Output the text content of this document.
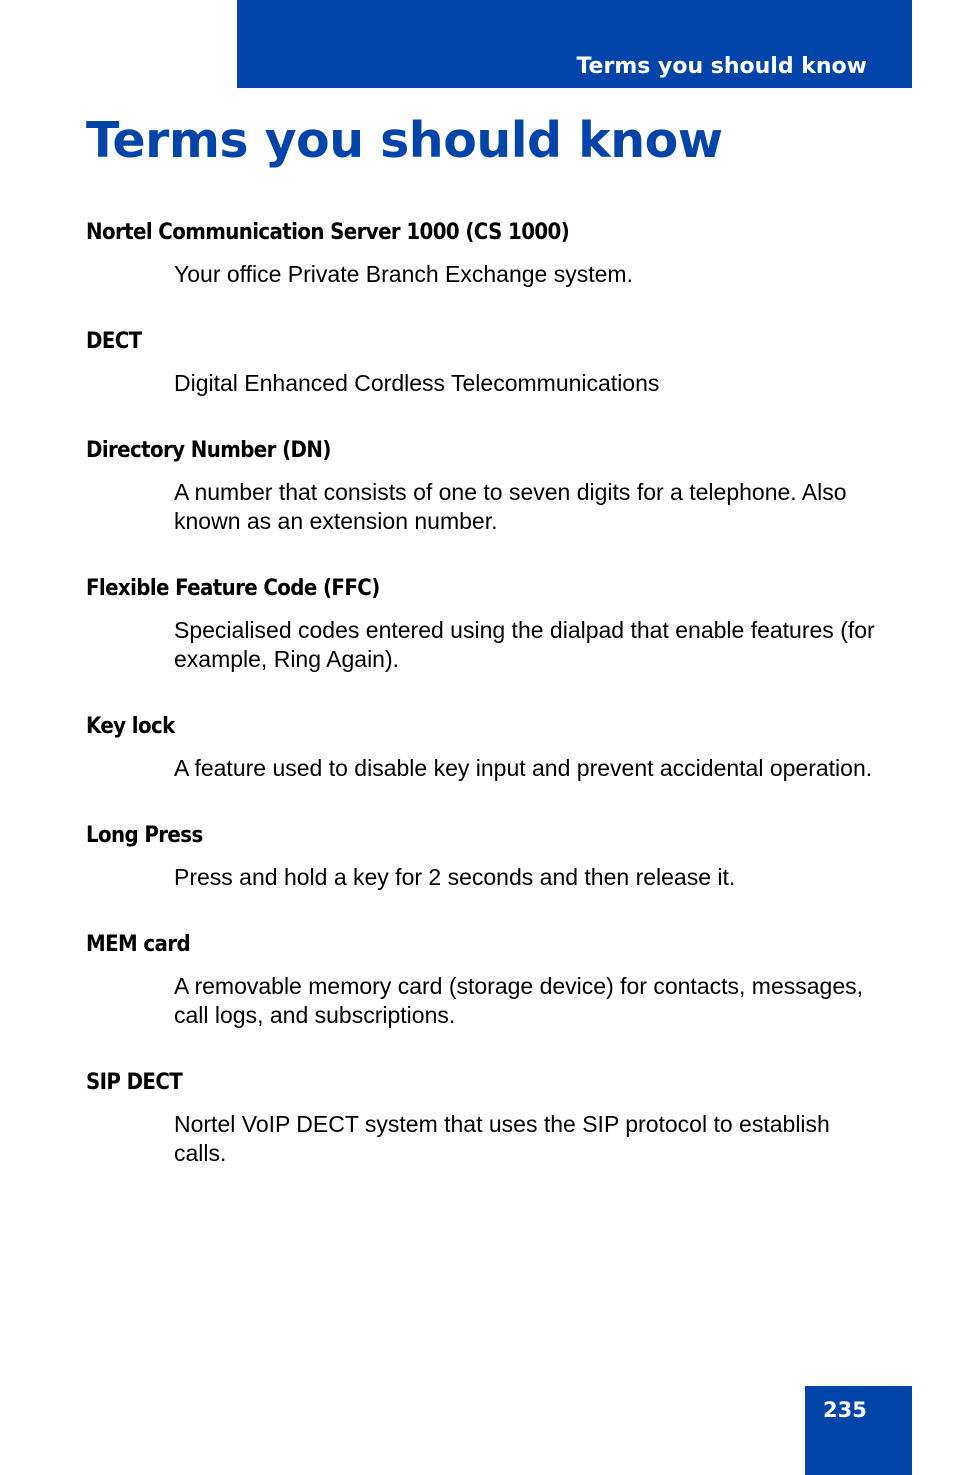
Terms you should know
Terms you should know
Nortel Communication Server 1000 (CS 1000)
Your office Private Branch Exchange system.
DECT
Digital Enhanced Cordless Telecommunications
Directory Number (DN)
A number that consists of one to seven digits for a telephone. Also known as an extension number.
Flexible Feature Code (FFC)
Specialised codes entered using the dialpad that enable features (for example, Ring Again).
Key lock
A feature used to disable key input and prevent accidental operation.
Long Press
Press and hold a key for 2 seconds and then release it.
MEM card
A removable memory card (storage device) for contacts, messages, call logs, and subscriptions.
SIP DECT
Nortel VoIP DECT system that uses the SIP protocol to establish calls.
235
